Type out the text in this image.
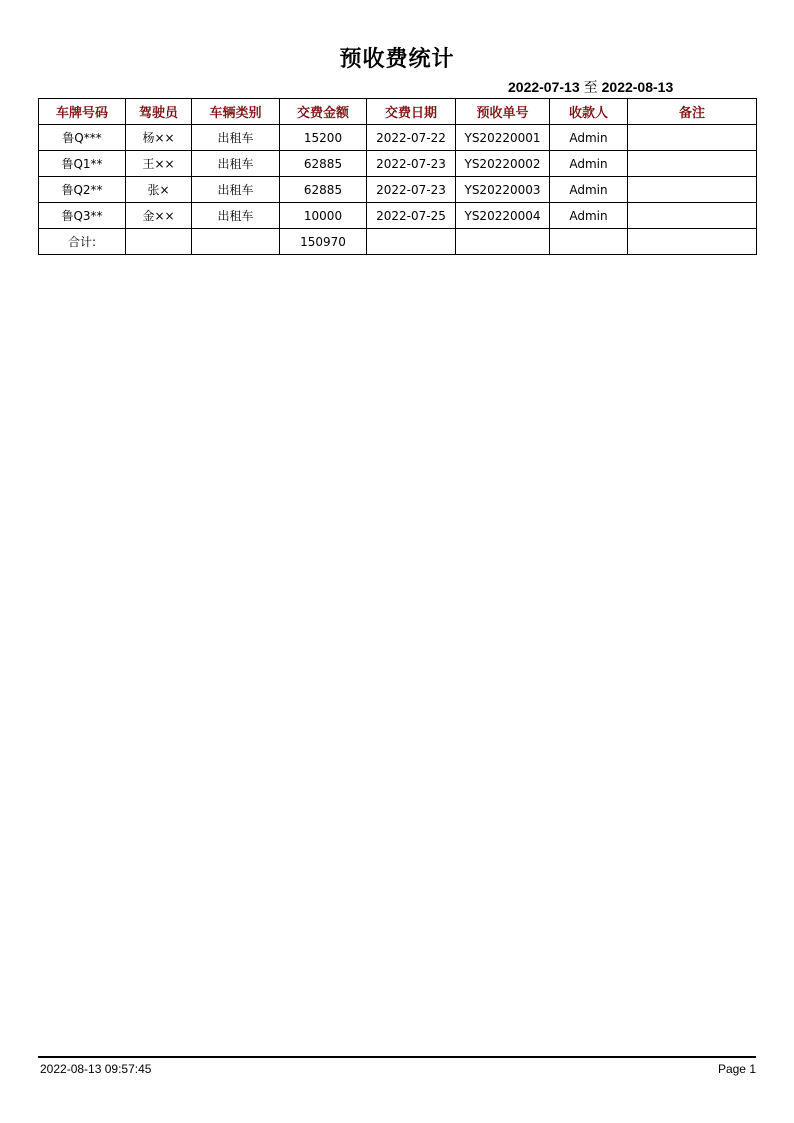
预收费统计
2022-07-13 至 2022-08-13
车牌号码	驾驶员	车辆类别	交费金额	交费日期	预收单号	收款人	备注
鲁Q***	杨××	出租车	15200	2022-07-22	YS20220001	Admin	
鲁Q1**	王××	出租车	62885	2022-07-23	YS20220002	Admin	
鲁Q2**	张×	出租车	62885	2022-07-23	YS20220003	Admin	
鲁Q3**	金××	出租车	10000	2022-07-25	YS20220004	Admin	
合计:			150970				
2022-08-13 09:57:45	Page 1
